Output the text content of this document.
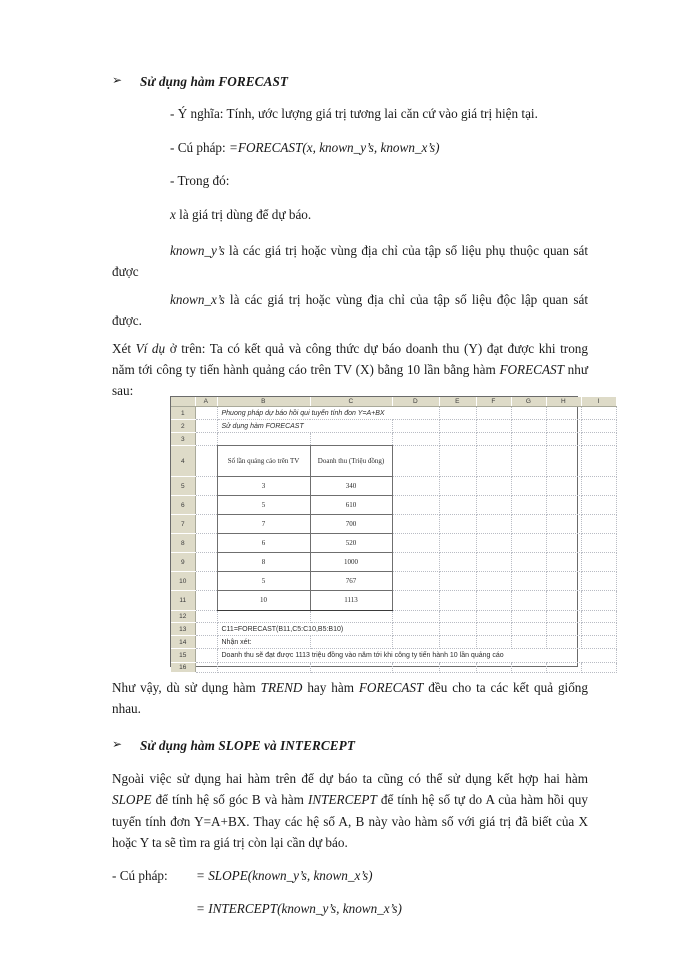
➢ Sử dụng hàm FORECAST
- Ý nghĩa: Tính, ước lượng giá trị tương lai căn cứ vào giá trị hiện tại.
- Cú pháp: =FORECAST(x, known_y’s, known_x’s)
- Trong đó:
x là giá trị dùng để dự báo.
known_y’s là các giá trị hoặc vùng địa chỉ của tập số liệu phụ thuộc quan sát được
known_x’s là các giá trị hoặc vùng địa chỉ của tập số liệu độc lập quan sát được.
Xét Ví dụ ở trên: Ta có kết quả và công thức dự báo doanh thu (Y) đạt được khi trong năm tới công ty tiến hành quảng cáo trên TV (X) bằng 10 lần bằng hàm FORECAST như sau:
	A	B	C	D	E	F	G	H	I
1		Phuong pháp dự báo hồi qui tuyến tính đon Y=A+BX							
2		Sử dụng hàm FORECAST							
3									
4		Số lần quảng cáo trên TV	Doanh thu (Triệu đồng)						
5		3	340						
6		5	610						
7		7	700						
8		6	520						
9		8	1000						
10		5	767						
11		10	1113						
12									
13		C11=FORECAST(B11,C5:C10,B5:B10)							
14		Nhận xét:							
15		Doanh thu sẽ đạt được 1113 triệu đồng vào năm tới khi công ty tiến hành 10 lần quảng cáo							
16									
Như vậy, dù sử dụng hàm TREND hay hàm FORECAST đều cho ta các kết quả giống nhau.
➢ Sử dụng hàm SLOPE và INTERCEPT
Ngoài việc sử dụng hai hàm trên để dự báo ta cũng có thể sử dụng kết hợp hai hàm SLOPE để tính hệ số góc B và hàm INTERCEPT để tính hệ số tự do A của hàm hồi quy tuyến tính đơn Y=A+BX. Thay các hệ số A, B này vào hàm số với giá trị đã biết của X hoặc Y ta sẽ tìm ra giá trị còn lại cần dự báo.
- Cú pháp:	= SLOPE(known_y’s, known_x’s)
= INTERCEPT(known_y’s, known_x’s)
